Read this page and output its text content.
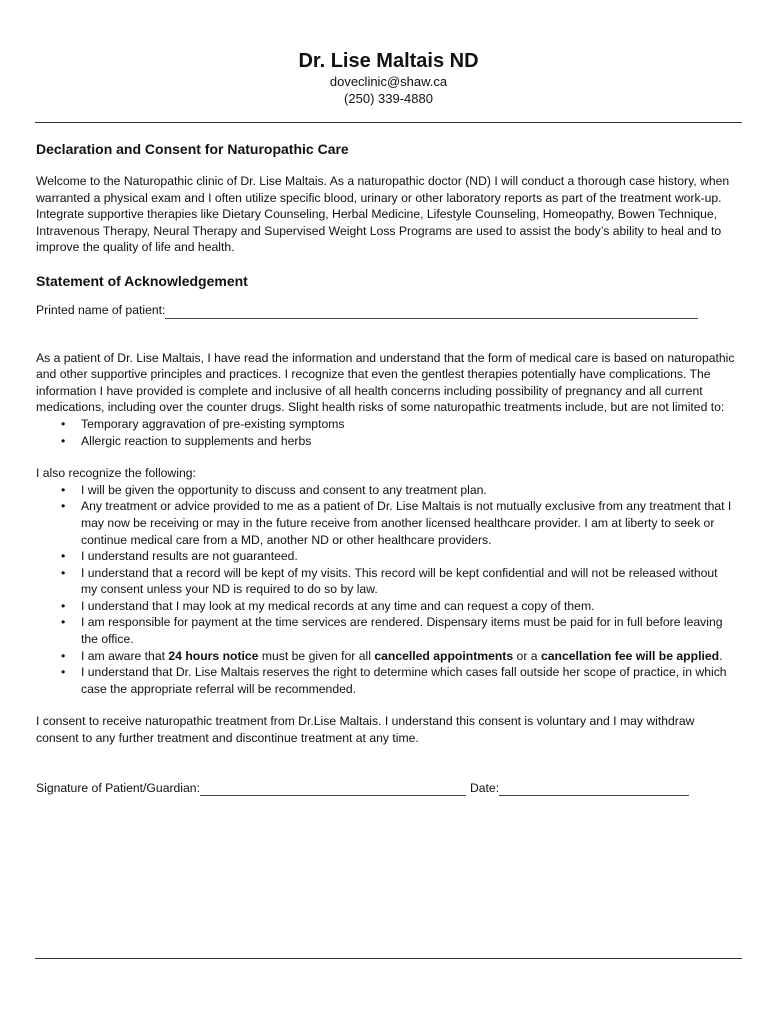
Dr. Lise Maltais ND
doveclinic@shaw.ca
(250) 339-4880
Declaration and Consent for Naturopathic Care

Welcome to the Naturopathic clinic of Dr. Lise Maltais. As a naturopathic doctor (ND) I will conduct a thorough case history, when warranted a physical exam and I often utilize specific blood, urinary or other laboratory reports as part of the treatment work-up. Integrate supportive therapies like Dietary Counseling, Herbal Medicine, Lifestyle Counseling, Homeopathy, Bowen Technique, Intravenous Therapy, Neural Therapy and Supervised Weight Loss Programs are used to assist the body’s ability to heal and to improve the quality of life and health.

Statement of Acknowledgement
Printed name of patient:

As a patient of Dr. Lise Maltais, I have read the information and understand that the form of medical care is based on naturopathic and other supportive principles and practices. I recognize that even the gentlest therapies potentially have complications. The information I have provided is complete and inclusive of all health concerns including possibility of pregnancy and all current medications, including over the counter drugs. Slight health risks of some naturopathic treatments include, but are not limited to:

• Temporary aggravation of pre-existing symptoms
• Allergic reaction to supplements and herbs

I also recognize the following:

• I will be given the opportunity to discuss and consent to any treatment plan.
• Any treatment or advice provided to me as a patient of Dr. Lise Maltais is not mutually exclusive from any treatment that I may now be receiving or may in the future receive from another licensed healthcare provider. I am at liberty to seek or continue medical care from a MD, another ND or other healthcare providers.
• I understand results are not guaranteed.
• I understand that a record will be kept of my visits. This record will be kept confidential and will not be released without my consent unless your ND is required to do so by law.
• I understand that I may look at my medical records at any time and can request a copy of them.
• I am responsible for payment at the time services are rendered. Dispensary items must be paid for in full before leaving the office.
• I am aware that 24 hours notice must be given for all cancelled appointments or a cancellation fee will be applied.
• I understand that Dr. Lise Maltais reserves the right to determine which cases fall outside her scope of practice, in which case the appropriate referral will be recommended.

I consent to receive naturopathic treatment from Dr.Lise Maltais. I understand this consent is voluntary and I may withdraw consent to any further treatment and discontinue treatment at any time.

Signature of Patient/Guardian:	Date:
